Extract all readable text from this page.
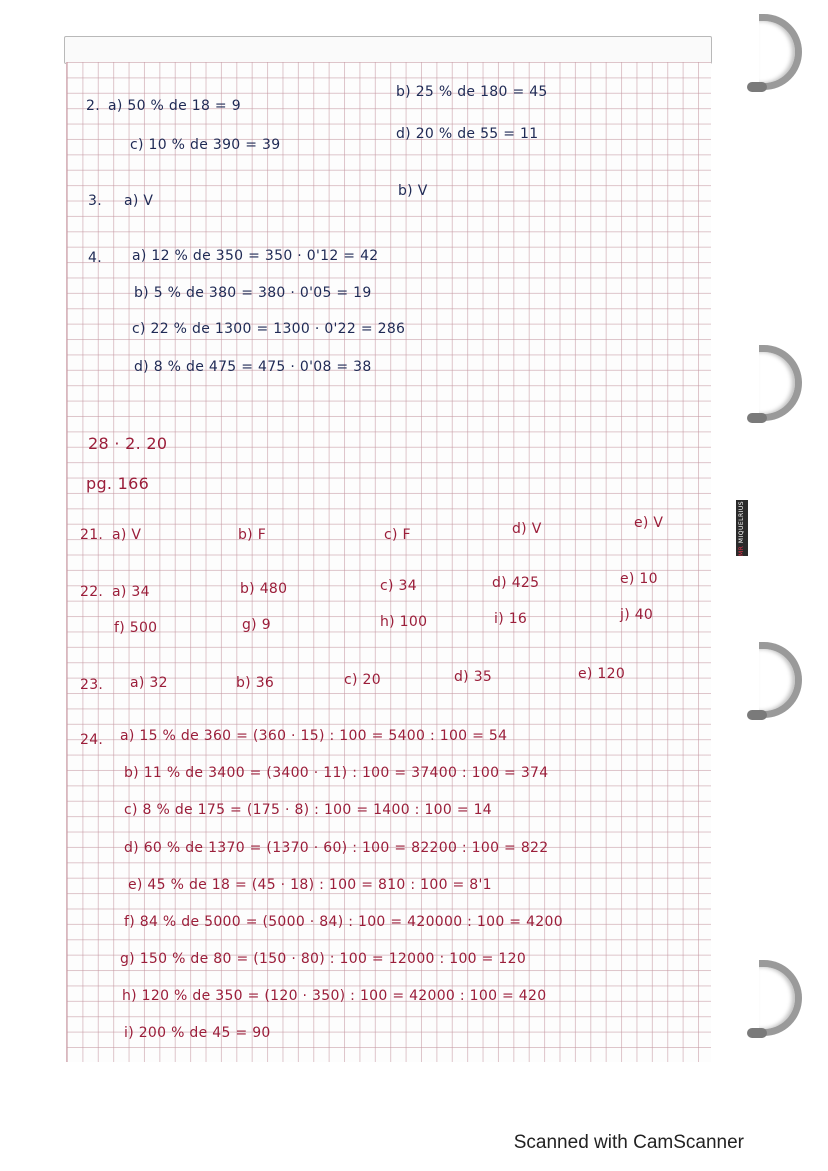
MR MIQUELRIUS
2. a) 50 % de 18 = 9
b) 25 % de 180 = 45
c) 10 % de 390 = 39
d) 20 % de 55 = 11
3. a) V
b) V
4. a) 12 % de 350 = 350 · 0'12 = 42
b) 5 % de 380 = 380 · 0'05 = 19
c) 22 % de 1300 = 1300 · 0'22 = 286
d) 8 % de 475 = 475 · 0'08 = 38
28 · 2. 20
pg. 166
21. a) V	b) F	c) F	d) V	e) V
22. a) 34	b) 480	c) 34	d) 425	e) 10
f) 500	g) 9	h) 100	i) 16	j) 40
23. a) 32	b) 36	c) 20	d) 35	e) 120
24. a) 15 % de 360 = (360 · 15) : 100 = 5400 : 100 = 54
b) 11 % de 3400 = (3400 · 11) : 100 = 37400 : 100 = 374
c) 8 % de 175 = (175 · 8) : 100 = 1400 : 100 = 14
d) 60 % de 1370 = (1370 · 60) : 100 = 82200 : 100 = 822
e) 45 % de 18 = (45 · 18) : 100 = 810 : 100 = 8'1
f) 84 % de 5000 = (5000 · 84) : 100 = 420000 : 100 = 4200
g) 150 % de 80 = (150 · 80) : 100 = 12000 : 100 = 120
h) 120 % de 350 = (120 · 350) : 100 = 42000 : 100 = 420
i) 200 % de 45 = 90
Scanned with CamScanner
